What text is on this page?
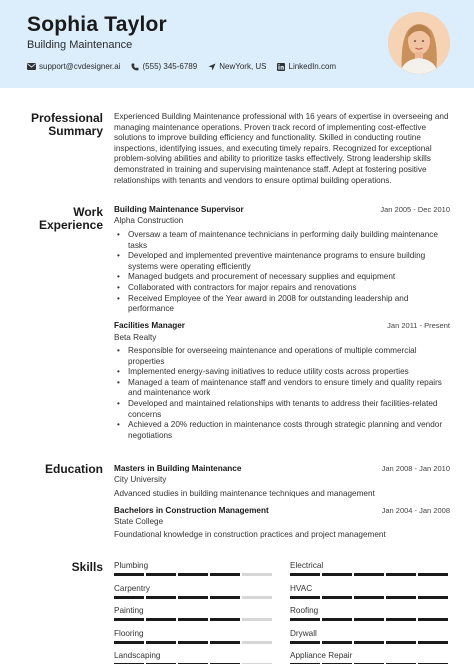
Sophia Taylor
Building Maintenance
support@cvdesigner.ai	(555) 345-6789	NewYork, US	LinkedIn.com
Professional
Summary
Experienced Building Maintenance professional with 16 years of expertise in overseeing and
managing maintenance operations. Proven track record of implementing cost-effective
solutions to improve building efficiency and functionality. Skilled in conducting routine
inspections, identifying issues, and executing timely repairs. Recognized for exceptional
problem-solving abilities and ability to prioritize tasks effectively. Strong leadership skills
demonstrated in training and supervising maintenance staff. Adept at fostering positive
relationships with tenants and vendors to ensure optimal building operations.
Work
Experience
Building Maintenance Supervisor	Jan 2005 - Dec 2010
Alpha Construction
• Oversaw a team of maintenance technicians in performing daily building maintenance
tasks
• Developed and implemented preventive maintenance programs to ensure building
systems were operating efficiently
• Managed budgets and procurement of necessary supplies and equipment
• Collaborated with contractors for major repairs and renovations
• Received Employee of the Year award in 2008 for outstanding leadership and
performance
Facilities Manager	Jan 2011 - Present
Beta Realty
• Responsible for overseeing maintenance and operations of multiple commercial
properties
• Implemented energy-saving initiatives to reduce utility costs across properties
• Managed a team of maintenance staff and vendors to ensure timely and quality repairs
and maintenance work
• Developed and maintained relationships with tenants to address their facilities-related
concerns
• Achieved a 20% reduction in maintenance costs through strategic planning and vendor
negotiations
Education Masters in Building Maintenance	Jan 2008 - Jan 2010
City University
Advanced studies in building maintenance techniques and management
Bachelors in Construction Management	Jan 2004 - Jan 2008
State College
Foundational knowledge in construction practices and project management
Skills Plumbing	Electrical
Carpentry	HVAC
Painting	Roofing
Flooring	Drywall
Landscaping	Appliance Repair
